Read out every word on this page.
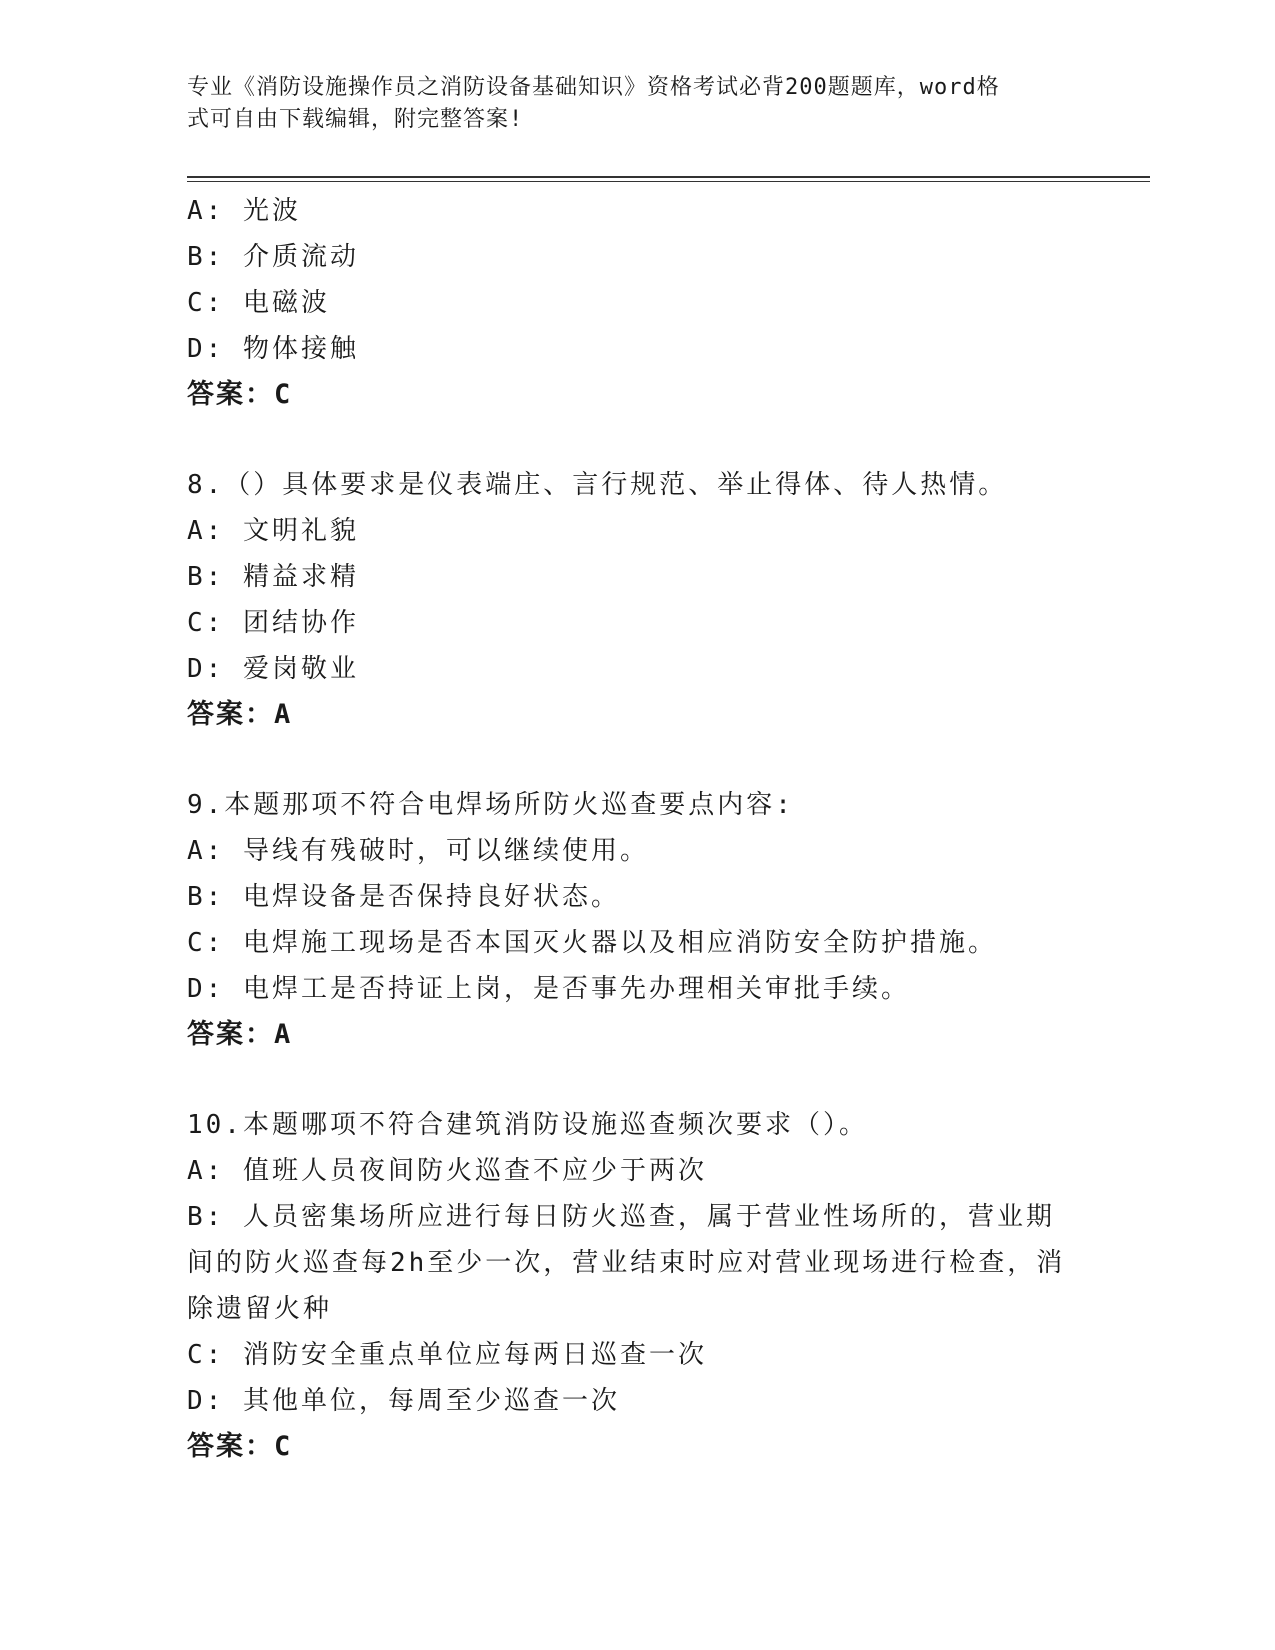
专业《消防设施操作员之消防设备基础知识》资格考试必背200题题库，word格
式可自由下载编辑，附完整答案!
A: 光波
B: 介质流动
C: 电磁波
D: 物体接触
答案：C
8.（）具体要求是仪表端庄、言行规范、举止得体、待人热情。
A: 文明礼貌
B: 精益求精
C: 团结协作
D: 爱岗敬业
答案：A
9.本题那项不符合电焊场所防火巡查要点内容:
A: 导线有残破时，可以继续使用。
B: 电焊设备是否保持良好状态。
C: 电焊施工现场是否本国灭火器以及相应消防安全防护措施。
D: 电焊工是否持证上岗，是否事先办理相关审批手续。
答案：A
10.本题哪项不符合建筑消防设施巡查频次要求（）。
A: 值班人员夜间防火巡查不应少于两次
B: 人员密集场所应进行每日防火巡查，属于营业性场所的，营业期间的防火巡查每2h至少一次，营业结束时应对营业现场进行检查，消除遗留火种
C: 消防安全重点单位应每两日巡查一次
D: 其他单位，每周至少巡查一次
答案：C
